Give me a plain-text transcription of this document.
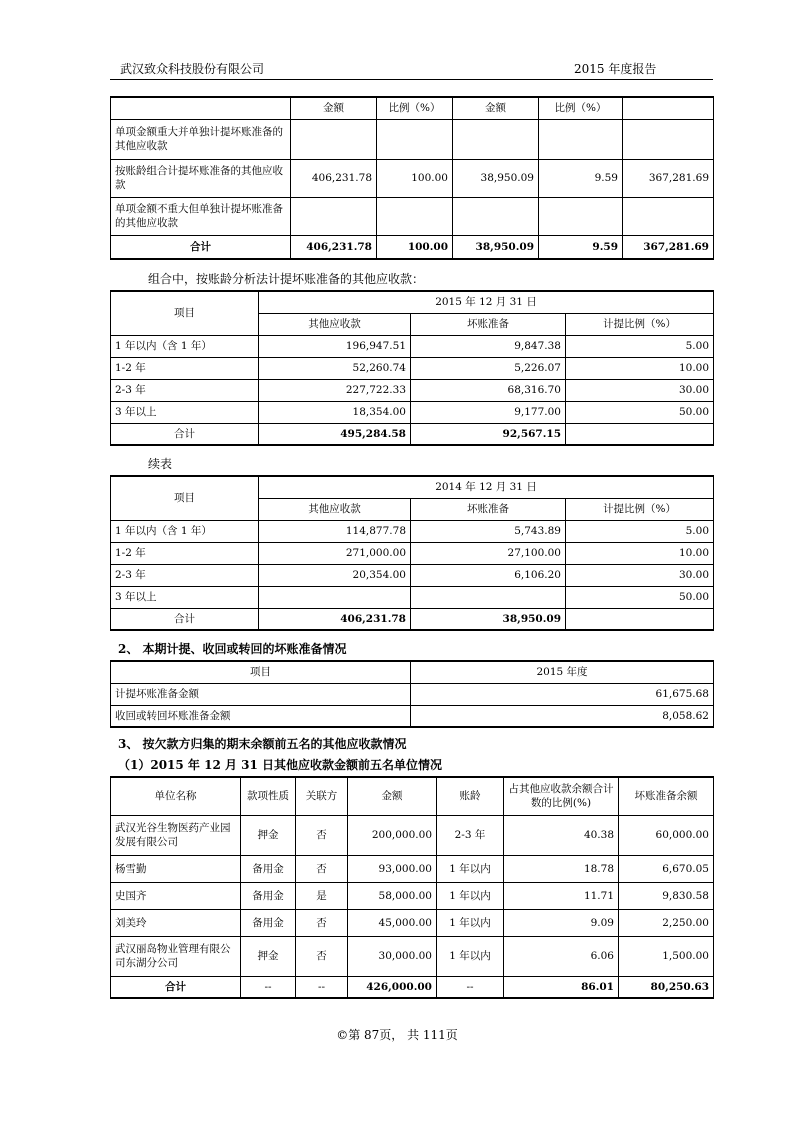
武汉致众科技股份有限公司	2015 年度报告
	金额	比例（%）	金额	比例（%）	
单项金额重大并单独计提坏账准备的其他应收款					
按账龄组合计提坏账准备的其他应收款	406,231.78	100.00	38,950.09	9.59	367,281.69
单项金额不重大但单独计提坏账准备的其他应收款					
合计	406,231.78	100.00	38,950.09	9.59	367,281.69
组合中，按账龄分析法计提坏账准备的其他应收款：
项目	2015 年 12 月 31 日		
	其他应收款	坏账准备	计提比例（%）
1 年以内（含 1 年）	196,947.51	9,847.38	5.00
1-2 年	52,260.74	5,226.07	10.00
2-3 年	227,722.33	68,316.70	30.00
3 年以上	18,354.00	9,177.00	50.00
合计	495,284.58	92,567.15	
续表
项目	2014 年 12 月 31 日		
	其他应收款	坏账准备	计提比例（%）
1 年以内（含 1 年）	114,877.78	5,743.89	5.00
1-2 年	271,000.00	27,100.00	10.00
2-3 年	20,354.00	6,106.20	30.00
3 年以上			50.00
合计	406,231.78	38,950.09	
2、 本期计提、收回或转回的坏账准备情况
项目	2015 年度
计提坏账准备金额	61,675.68
收回或转回坏账准备金额	8,058.62
3、 按欠款方归集的期末余额前五名的其他应收款情况
（1）2015 年 12 月 31 日其他应收款金额前五名单位情况
单位名称	款项性质	关联方	金额	账龄	占其他应收款余额合计数的比例(%)	坏账准备余额
武汉光谷生物医药产业园发展有限公司	押金	否	200,000.00	2-3 年	40.38	60,000.00
杨雪勤	备用金	否	93,000.00	1 年以内	18.78	6,670.05
史国齐	备用金	是	58,000.00	1 年以内	11.71	9,830.58
刘美玲	备用金	否	45,000.00	1 年以内	9.09	2,250.00
武汉丽岛物业管理有限公司东湖分公司	押金	否	30,000.00	1 年以内	6.06	1,500.00
合计	--	--	426,000.00	--	86.01	80,250.63
©第 87页， 共 111页
